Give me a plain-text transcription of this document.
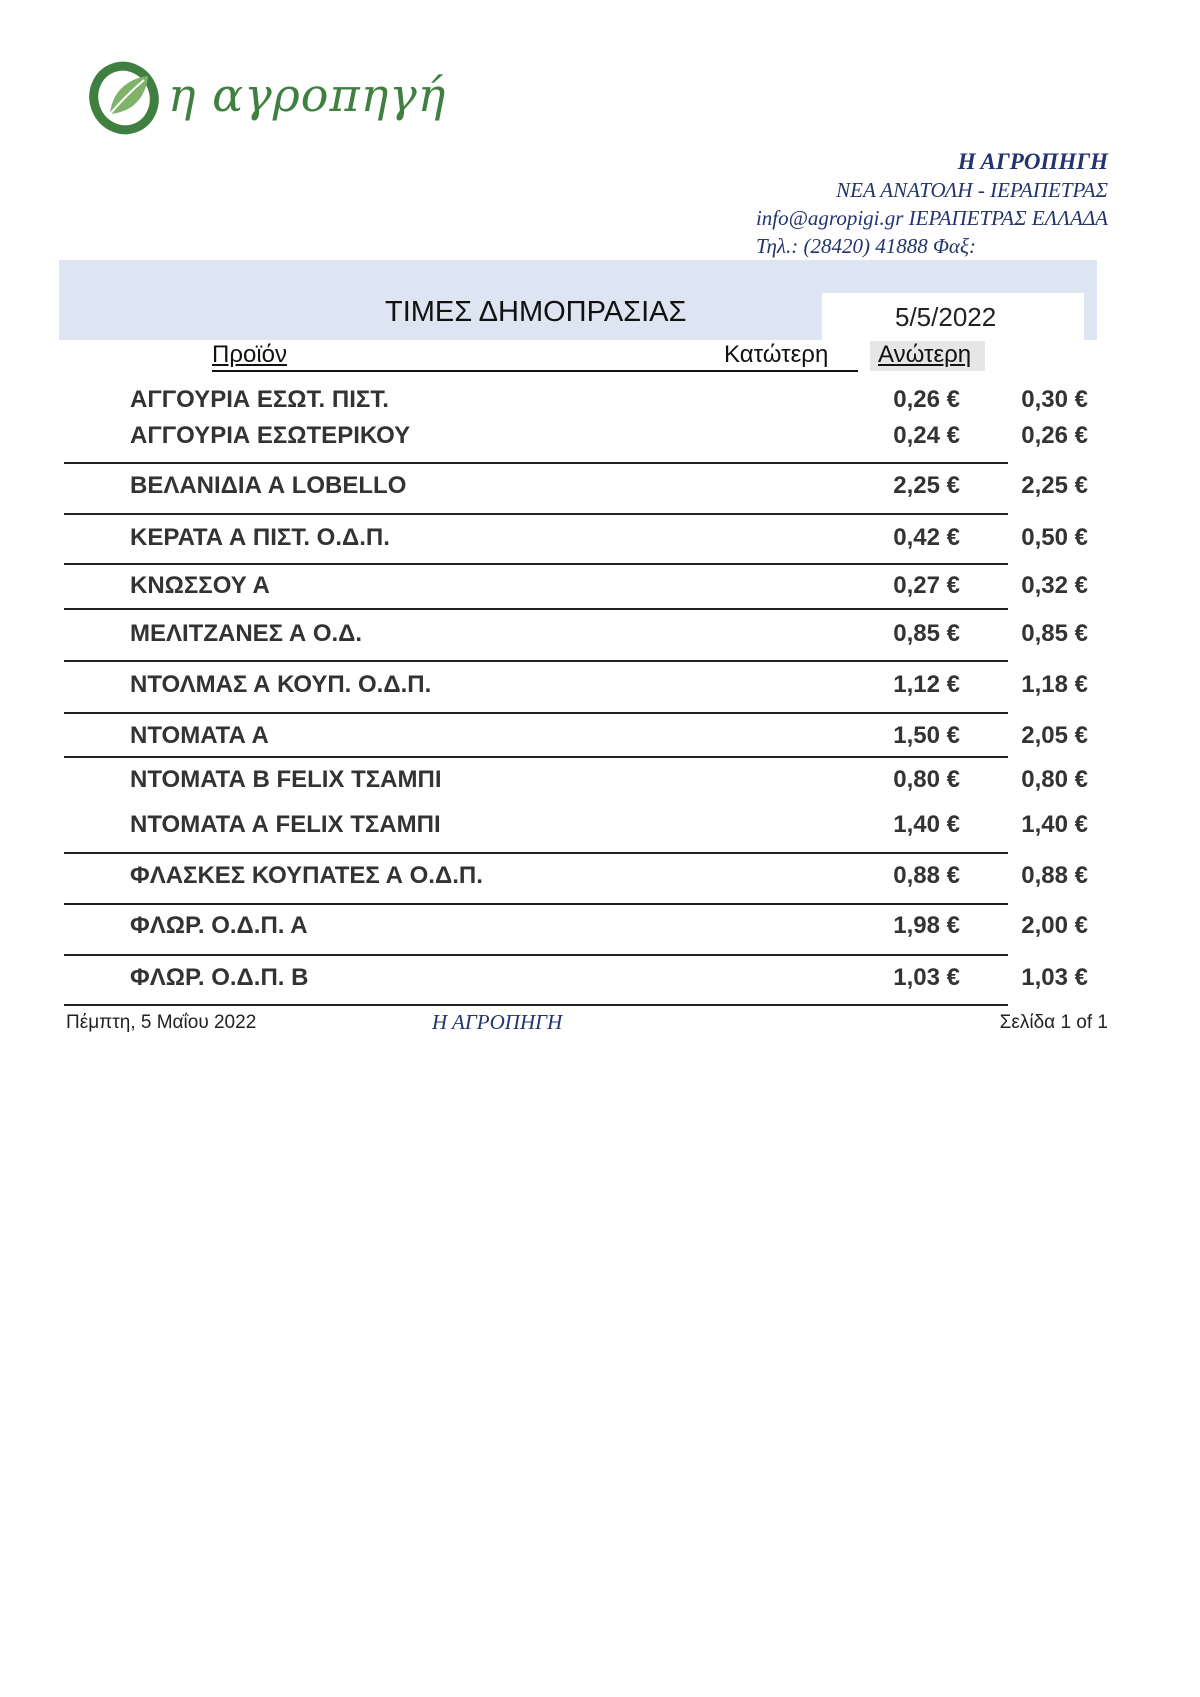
η αγροπηγή
Η ΑΓΡΟΠΗΓΗ
ΝΕΑ ΑΝΑΤΟΛΗ - ΙΕΡΑΠΕΤΡΑΣ
info@agropigi.gr ΙΕΡΑΠΕΤΡΑΣ ΕΛΛΑΔΑ
Τηλ.: (28420) 41888 Φαξ:
ΤΙΜΕΣ ΔΗΜΟΠΡΑΣΙΑΣ	5/5/2022
Προϊόν	Κατώτερη Ανώτερη
ΑΓΓΟΥΡΙΑ ΕΣΩΤ. ΠΙΣΤ.	0,26 €	0,30 €
ΑΓΓΟΥΡΙΑ ΕΣΩΤΕΡΙΚΟΥ	0,24 €	0,26 €
ΒΕΛΑΝΙΔΙΑ Α LOBELLO	2,25 €	2,25 €
ΚΕΡΑΤΑ Α ΠΙΣΤ. Ο.Δ.Π.	0,42 €	0,50 €
ΚΝΩΣΣΟΥ Α	0,27 €	0,32 €
ΜΕΛΙΤΖΑΝΕΣ Α Ο.Δ.	0,85 €	0,85 €
ΝΤΟΛΜΑΣ Α ΚΟΥΠ. Ο.Δ.Π.	1,12 €	1,18 €
ΝΤΟΜΑΤΑ Α	1,50 €	2,05 €
ΝΤΟΜΑΤΑ Β FELIX ΤΣΑΜΠΙ	0,80 €	0,80 €
ΝΤΟΜΑΤΑ Α FELIX ΤΣΑΜΠΙ	1,40 €	1,40 €
ΦΛΑΣΚΕΣ ΚΟΥΠΑΤΕΣ Α Ο.Δ.Π.	0,88 €	0,88 €
ΦΛΩΡ. Ο.Δ.Π. Α	1,98 €	2,00 €
ΦΛΩΡ. Ο.Δ.Π. Β	1,03 €	1,03 €
Πέμπτη, 5 Μαΐου 2022	Η ΑΓΡΟΠΗΓΗ	Σελίδα 1 of 1
